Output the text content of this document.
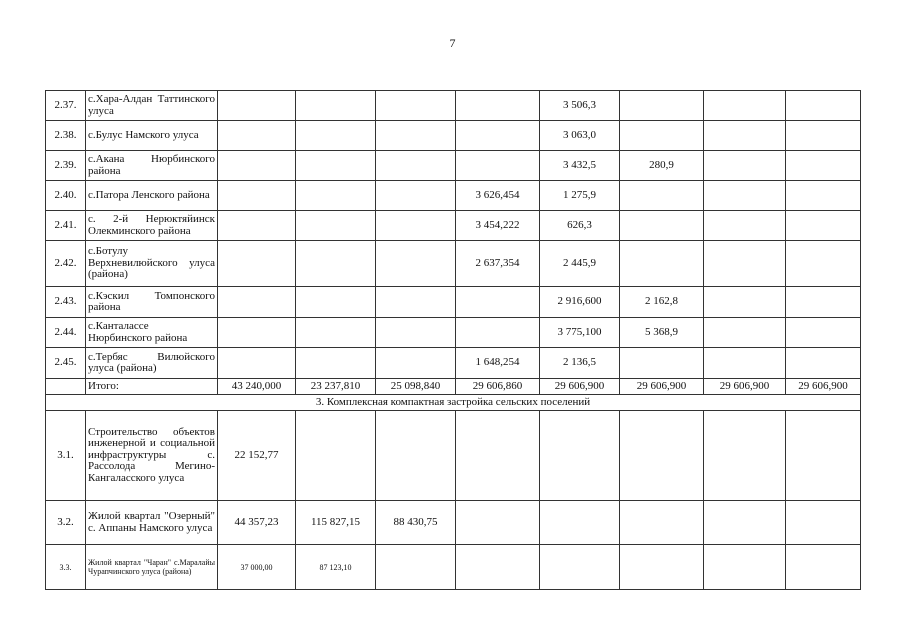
7
2.37.	с.Хара-Алдан Таттинского улуса					3 506,3			
2.38.	с.Булус Намского улуса					3 063,0			
2.39.	с.Акана Нюрбинского района					3 432,5	280,9		
2.40.	с.Патора Ленского района				3 626,454	1 275,9			
2.41.	с. 2-й Нерюктяйинск Олекминского района				3 454,222	626,3			
2.42.	с.Ботулу Верхневилюйского улуса (района)				2 637,354	2 445,9			
2.43.	с.Кэскил Томпонского района					2 916,600	2 162,8		
2.44.	с.Канталассе Нюрбинского района					3 775,100	5 368,9		
2.45.	с.Тербяс Вилюйского улуса (района)				1 648,254	2 136,5			
	Итого:	43 240,000	23 237,810	25 098,840	29 606,860	29 606,900	29 606,900	29 606,900	29 606,900
3. Комплексная компактная застройка сельских поселений									
3.1.	Строительство объектов инженерной и социальной инфраструктуры с. Рассолода Мегино-Кангаласского улуса	22 152,77							
3.2.	Жилой квартал "Озерный" с. Аппаны Намского улуса	44 357,23	115 827,15	88 430,75					
3.3.	Жилой квартал "Чаран" с.Маралайы Чурапчинского улуса (района)	37 000,00	87 123,10						
